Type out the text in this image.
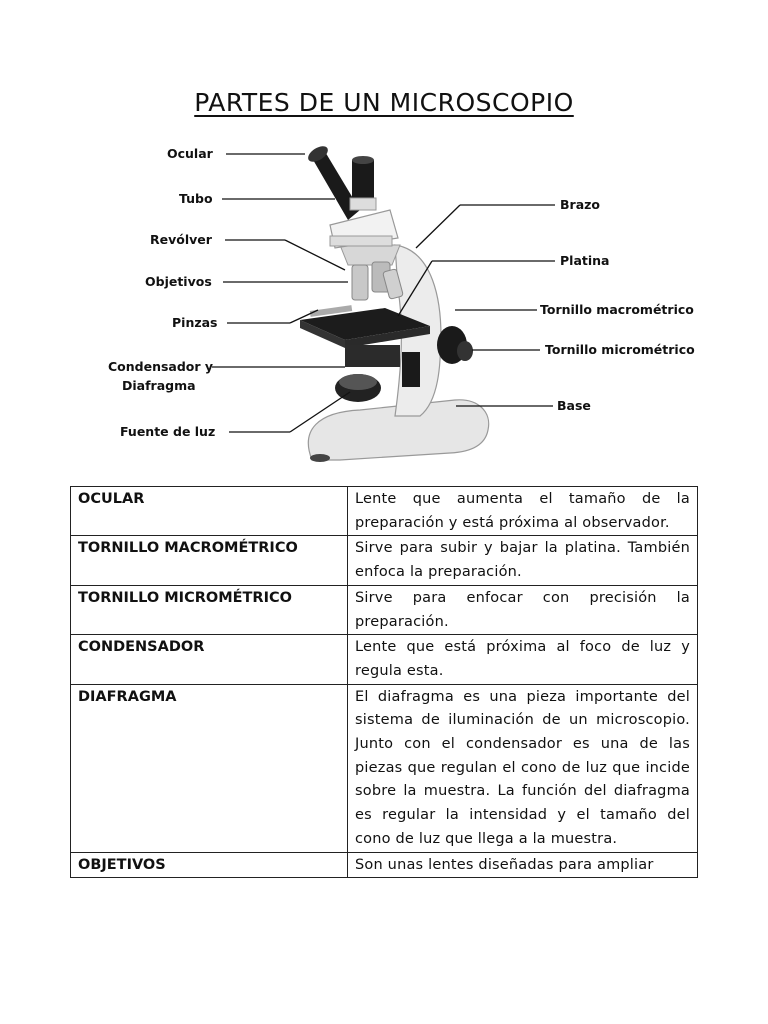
PARTES DE UN MICROSCOPIO
Ocular
Tubo
Revólver
Objetivos
Pinzas
Condensador y
Diafragma
Fuente de luz
Brazo
Platina
Tornillo macrométrico
Tornillo micrométrico
Base
OCULAR	Lente que aumenta el tamaño de la preparación y está próxima al observador.
TORNILLO MACROMÉTRICO	Sirve para subir y bajar la platina. También enfoca la preparación.
TORNILLO MICROMÉTRICO	Sirve para enfocar con precisión la preparación.
CONDENSADOR	Lente que está próxima al foco de luz y regula esta.
DIAFRAGMA	El diafragma es una pieza importante del sistema de iluminación de un microscopio. Junto con el condensador es una de las piezas que regulan el cono de luz que incide sobre la muestra. La función del diafragma es regular la intensidad y el tamaño del cono de luz que llega a la muestra.
OBJETIVOS	Son unas lentes diseñadas para ampliar
